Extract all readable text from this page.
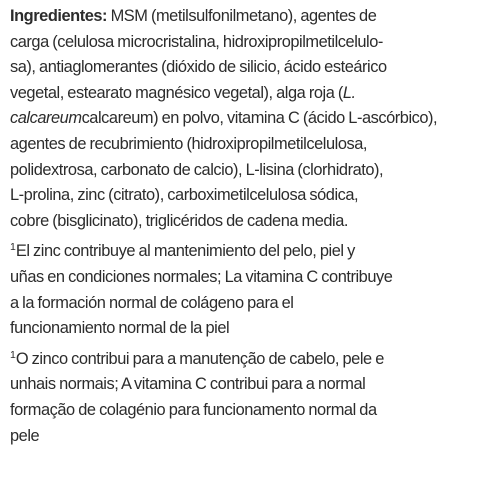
Ingredientes: MSM (metilsulfonilmetano), agentes de
carga (celulosa microcristalina, hidroxipropilmetilcelulo-
sa), antiaglomerantes (dióxido de silicio, ácido esteárico
vegetal, estearato magnésico vegetal), alga roja (L.
calcareumcalcareum) en polvo, vitamina C (ácido L-ascórbico),
agentes de recubrimiento (hidroxipropilmetilcelulosa,
polidextrosa, carbonato de calcio), L-lisina (clorhidrato),
L-prolina, zinc (citrato), carboximetilcelulosa sódica,
cobre (bisglicinato), triglicéridos de cadena media.
$^1$El zinc contribuye al mantenimiento del pelo, piel y
uñas en condiciones normales; La vitamina C contribuye
a la formación normal de colágeno para el
funcionamiento normal de la piel
$^1$O zinco contribui para a manutenção de cabelo, pele e
unhais normais; A vitamina C contribui para a normal
formação de colagénio para funcionamento normal da
pele
